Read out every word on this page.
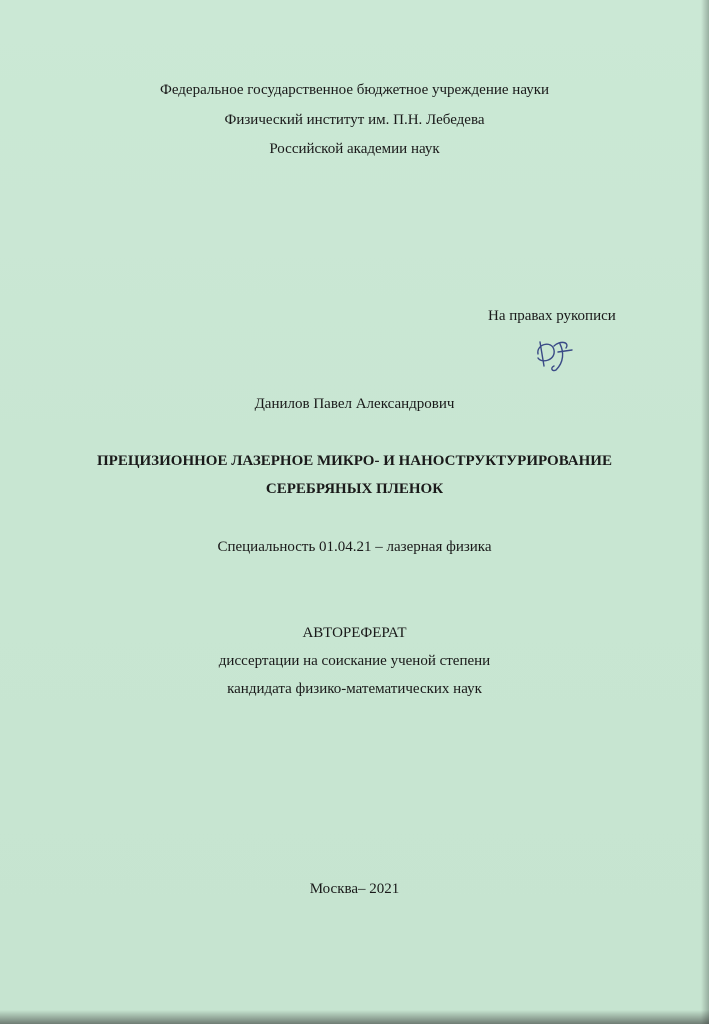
Федеральное государственное бюджетное учреждение науки
Физический институт им. П.Н. Лебедева
Российской академии наук
На правах рукописи
Данилов Павел Александрович
ПРЕЦИЗИОННОЕ ЛАЗЕРНОЕ МИКРО- И НАНОСТРУКТУРИРОВАНИЕ
СЕРЕБРЯНЫХ ПЛЕНОК
Специальность 01.04.21 – лазерная физика
АВТОРЕФЕРАТ
диссертации на соискание ученой степени
кандидата физико-математических наук
Москва– 2021
